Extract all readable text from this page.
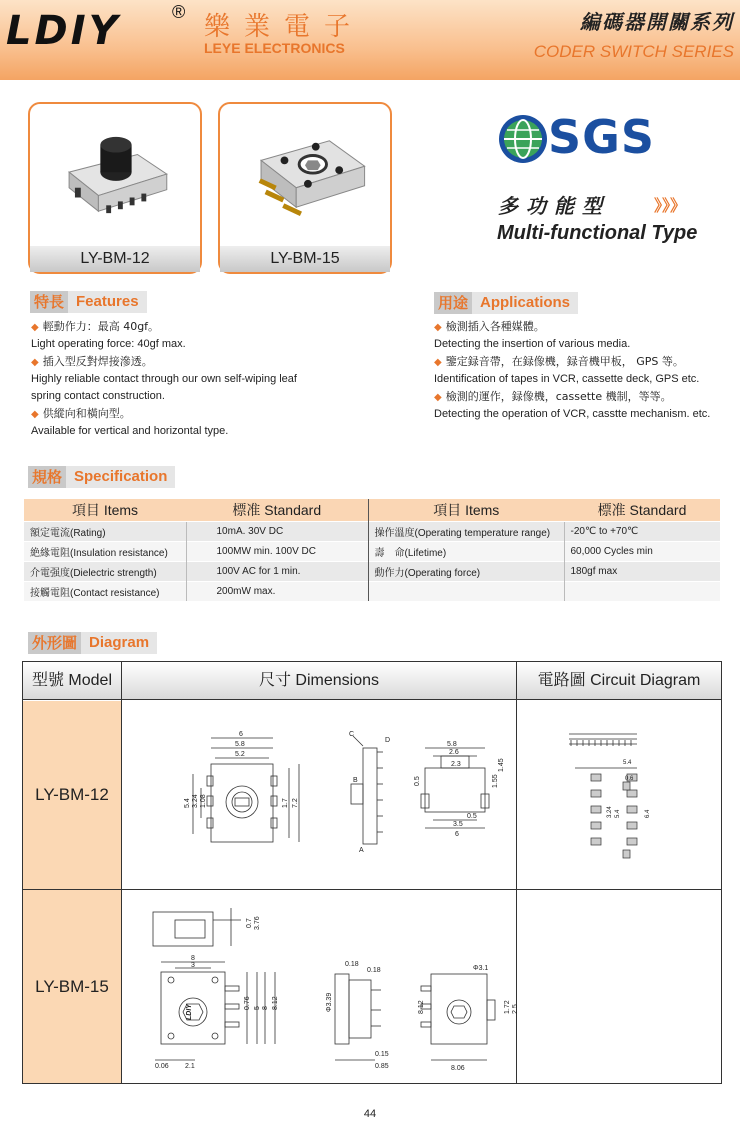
LDIY	® 樂業電子
LEYE ELECTRONICS
編碼器開關系列
CODER SWITCH SERIES
LY-BM-12	LY-BM-15
SGS
多功能型	》》》
Multi-functional Type
特長 Features
◆ 輕動作力：最高 40gf。
Light operating force: 40gf max.
◆ 插入型反對焊接滲透。
Highly reliable contact through our own self-wiping leaf
spring contact construction.
◆ 供縱向和橫向型。
Available for vertical and horizontal type.
用途 Applications
◆ 檢測插入各種媒體。
Detecting the insertion of various media.
◆ 鑒定録音帶，在録像機，録音機甲板， GPS 等。
Identification of tapes in VCR, cassette deck, GPS etc.
◆ 檢測的運作，録像機，cassette 機制，等等。
Detecting the operation of VCR, casstte mechanism. etc.
規格 Specification
項目 Items	標准 Standard	項目 Items	標准 Standard
額定電流(Rating)	10mA. 30V DC	操作溫度(Operating temperature range)	-20℃ to +70℃
絶緣電阻(Insulation resistance)	100MW min. 100V DC	壽　命(Lifetime)	60,000 Cycles min
介電强度(Dielectric strength)	100V AC for 1 min.	動作力(Operating force)	180gf max
接觸電阻(Contact resistance)	200mW max.		
外形圖 Diagram
型號 Model	尺寸 Dimensions	電路圖 Circuit Diagram
LY-BM-12
LY-BM-15
6
5.8
5.2
5.4 3.24 1.08	1.7 7.2
C
D
B
A
5.8
2.6
2.3
0.5	1.55
1.45
0.5
3.5
6
5.4
0.6
3.24 5.4	6.4
0.7 3.76
8
3
LDIY
0.76 5 8 8.12
0.06 2.1
0.18
0.18
Φ3.39
0.15
0.85
Φ3.1
8.12	1.72 2.5
8.06
44
